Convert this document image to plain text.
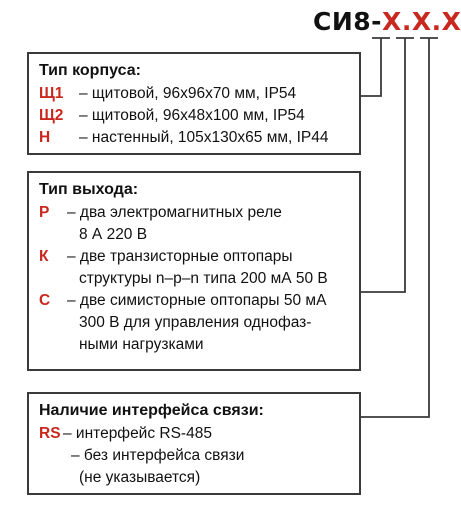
СИ8-X.X.X
Тип корпуса:
Щ1	– щитовой, 96x96x70 мм, IP54
Щ2	– щитовой, 96x48x100 мм, IP54
Н	– настенный, 105x130x65 мм, IP44
Тип выхода:
Р	– два электромагнитных реле
8 А 220 В
К	– две транзисторные оптопары
структуры n–p–n типа 200 мА 50 В
С	– две симисторные оптопары 50 мА
300 В для управления однофаз-
ными нагрузками
Наличие интерфейса связи:
RS – интерфейс RS-485
– без интерфейса связи
(не указывается)
